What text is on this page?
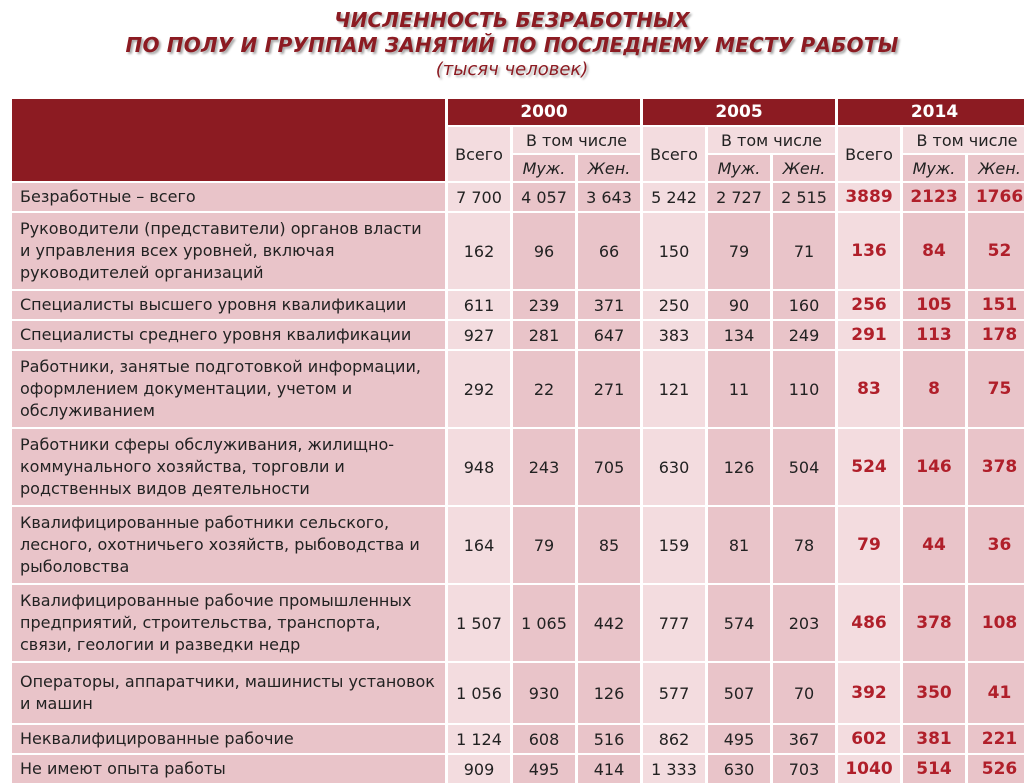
ЧИСЛЕННОСТЬ БЕЗРАБОТНЫХ
ПО ПОЛУ И ГРУППАМ ЗАНЯТИЙ ПО ПОСЛЕДНЕМУ МЕСТУ РАБОТЫ
(тысяч человек)
2000	2005	2014
Всего
В том числе
Муж.	Жен.
Всего
В том числе
Муж.	Жен.
Всего
В том числе
Муж.	Жен.
Безработные – всего	7 700	4 057	3 643	5 242	2 727	2 515	3889	2123	1766
Руководители (представители) органов власти и управления всех уровней, включая руководителей организаций
162	96	66	150	79	71	136	84	52
Специалисты высшего уровня квалификации	611	239	371	250	90	160	256	105	151
Специалисты среднего уровня квалификации	927	281	647	383	134	249	291	113	178
Работники, занятые подготовкой информации, оформлением документации, учетом и обслуживанием
292	22	271	121	11	110	83	8	75
Работники сферы обслуживания, жилищно-коммунального хозяйства, торговли и родственных видов деятельности
948	243	705	630	126	504	524	146	378
Квалифицированные работники сельского, лесного, охотничьего хозяйств, рыбоводства и рыболовства
164	79	85	159	81	78	79	44	36
Квалифицированные рабочие промышленных предприятий, строительства, транспорта, связи, геологии и разведки недр
1 507	1 065	442	777	574	203	486	378	108
Операторы, аппаратчики, машинисты установок и машин
1 056	930	126	577	507	70	392	350	41
Неквалифицированные рабочие	1 124	608	516	862	495	367	602	381	221
Не имеют опыта работы	909	495	414	1 333	630	703	1040	514	526
